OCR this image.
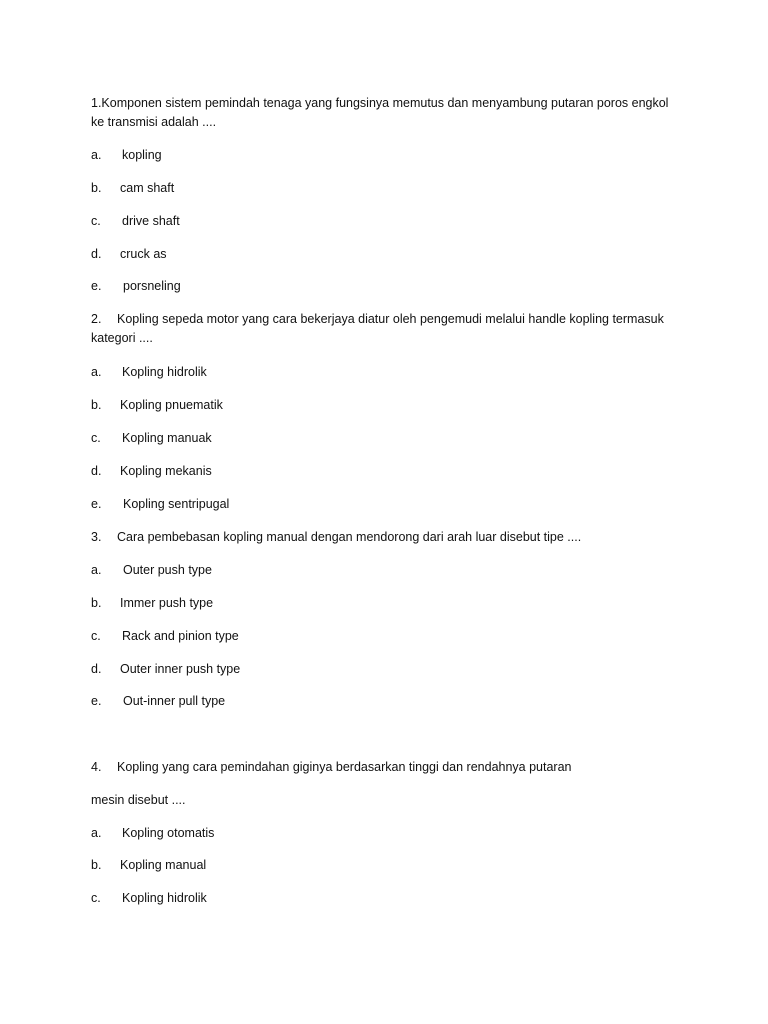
1.Komponen sistem pemindah tenaga yang fungsinya memutus dan menyambung putaran poros engkol
ke transmisi adalah ....
a. kopling
b. cam shaft
c. drive shaft
d. cruck as
e. porsneling
2. Kopling sepeda motor yang cara bekerjaya diatur oleh pengemudi melalui handle kopling termasuk
kategori ....
a. Kopling hidrolik
b. Kopling pnuematik
c. Kopling manuak
d. Kopling mekanis
e. Kopling sentripugal
3. Cara pembebasan kopling manual dengan mendorong dari arah luar disebut tipe ....
a. Outer push type
b. Immer push type
c. Rack and pinion type
d. Outer inner push type
e. Out-inner pull type
4. Kopling yang cara pemindahan giginya berdasarkan tinggi dan rendahnya putaran
mesin disebut ....
a. Kopling otomatis
b. Kopling manual
c. Kopling hidrolik
